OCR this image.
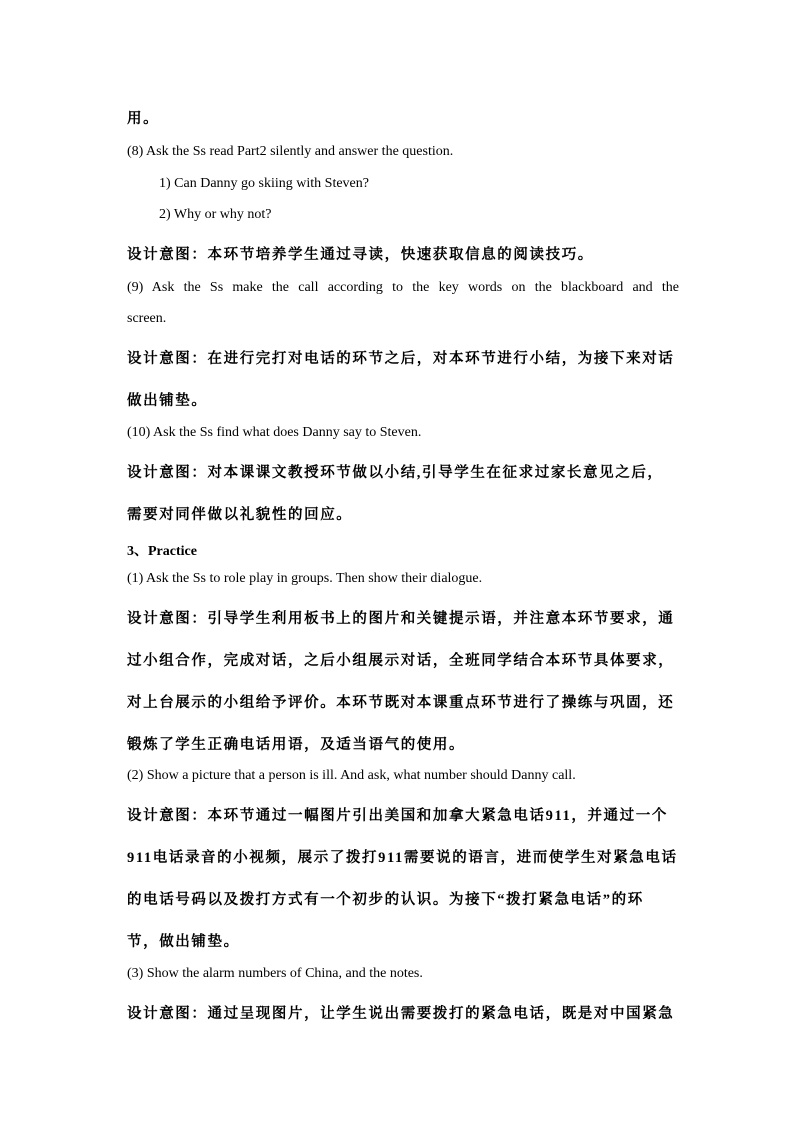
用。
(8) Ask the Ss read Part2 silently and answer the question.
1) Can Danny go skiing with Steven?
2) Why or why not?
设计意图：本环节培养学生通过寻读，快速获取信息的阅读技巧。
(9) Ask the Ss make the call according to the key words on the blackboard and the
screen.
设计意图：在进行完打对电话的环节之后，对本环节进行小结，为接下来对话
做出铺垫。
(10) Ask the Ss find what does Danny say to Steven.
设计意图：对本课课文教授环节做以小结,引导学生在征求过家长意见之后，
需要对同伴做以礼貌性的回应。
3、Practice
(1) Ask the Ss to role play in groups. Then show their dialogue.
设计意图：引导学生利用板书上的图片和关键提示语，并注意本环节要求，通
过小组合作，完成对话，之后小组展示对话，全班同学结合本环节具体要求，
对上台展示的小组给予评价。本环节既对本课重点环节进行了操练与巩固，还
锻炼了学生正确电话用语，及适当语气的使用。
(2) Show a picture that a person is ill. And ask, what number should Danny call.
设计意图：本环节通过一幅图片引出美国和加拿大紧急电话911，并通过一个
911电话录音的小视频，展示了拨打911需要说的语言，进而使学生对紧急电话
的电话号码以及拨打方式有一个初步的认识。为接下“拨打紧急电话”的环
节，做出铺垫。
(3) Show the alarm numbers of China, and the notes.
设计意图：通过呈现图片，让学生说出需要拨打的紧急电话，既是对中国紧急
